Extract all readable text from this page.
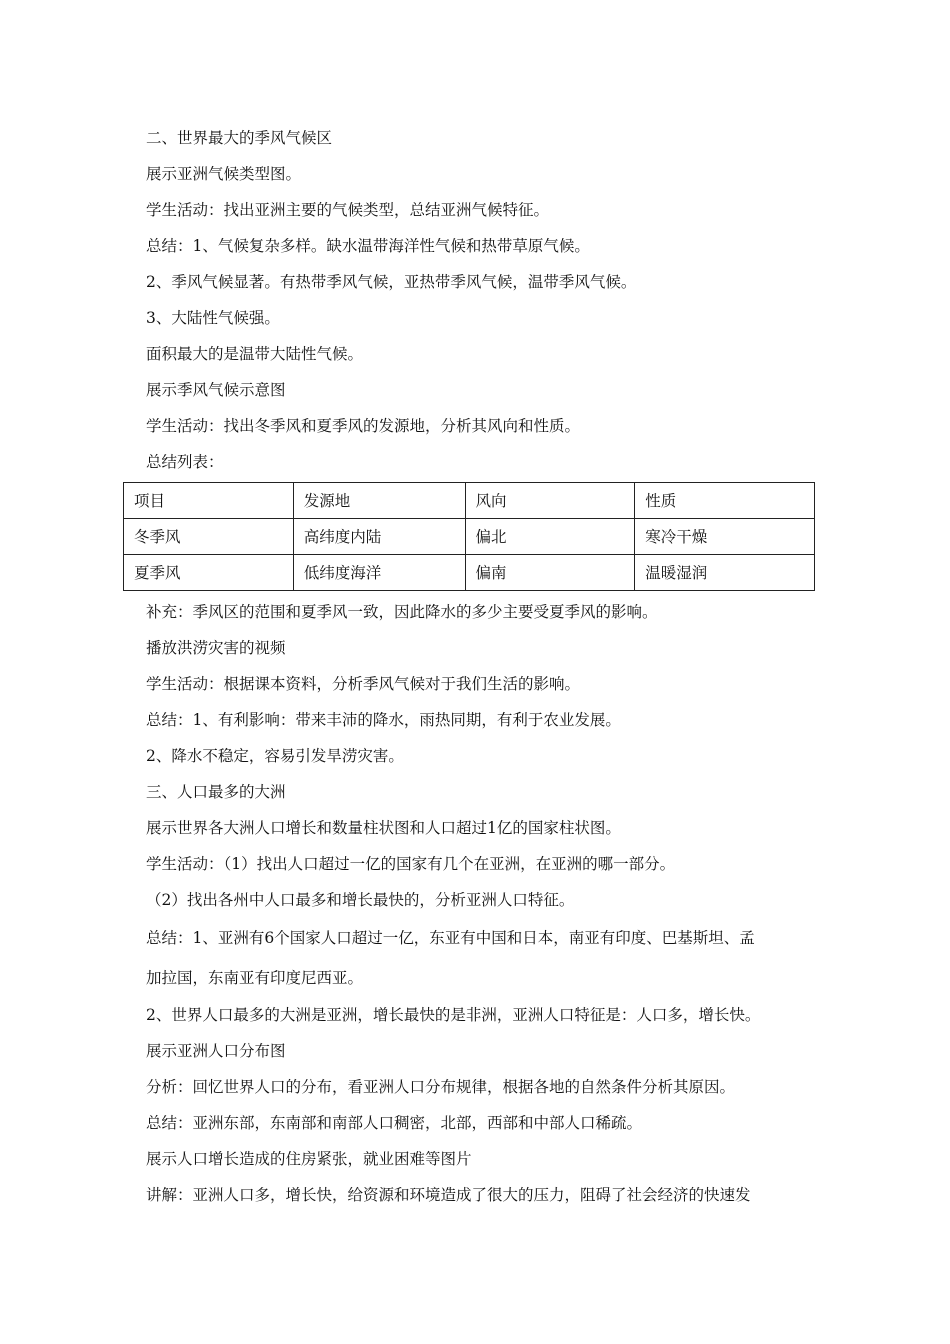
二、世界最大的季风气候区
展示亚洲气候类型图。
学生活动：找出亚洲主要的气候类型，总结亚洲气候特征。
总结：1、气候复杂多样。缺水温带海洋性气候和热带草原气候。
2、季风气候显著。有热带季风气候，亚热带季风气候，温带季风气候。
3、大陆性气候强。
面积最大的是温带大陆性气候。
展示季风气候示意图
学生活动：找出冬季风和夏季风的发源地，分析其风向和性质。
总结列表：
项目	发源地	风向	性质
冬季风	高纬度内陆	偏北	寒冷干燥
夏季风	低纬度海洋	偏南	温暖湿润
补充：季风区的范围和夏季风一致，因此降水的多少主要受夏季风的影响。
播放洪涝灾害的视频
学生活动：根据课本资料，分析季风气候对于我们生活的影响。
总结：1、有利影响：带来丰沛的降水，雨热同期，有利于农业发展。
2、降水不稳定，容易引发旱涝灾害。
三、人口最多的大洲
展示世界各大洲人口增长和数量柱状图和人口超过1亿的国家柱状图。
学生活动：（1）找出人口超过一亿的国家有几个在亚洲，在亚洲的哪一部分。
（2）找出各州中人口最多和增长最快的，分析亚洲人口特征。
总结：1、亚洲有6个国家人口超过一亿，东亚有中国和日本，南亚有印度、巴基斯坦、孟
加拉国，东南亚有印度尼西亚。
2、世界人口最多的大洲是亚洲，增长最快的是非洲，亚洲人口特征是：人口多，增长快。
展示亚洲人口分布图
分析：回忆世界人口的分布，看亚洲人口分布规律，根据各地的自然条件分析其原因。
总结：亚洲东部，东南部和南部人口稠密，北部，西部和中部人口稀疏。
展示人口增长造成的住房紧张，就业困难等图片
讲解：亚洲人口多，增长快，给资源和环境造成了很大的压力，阻碍了社会经济的快速发
